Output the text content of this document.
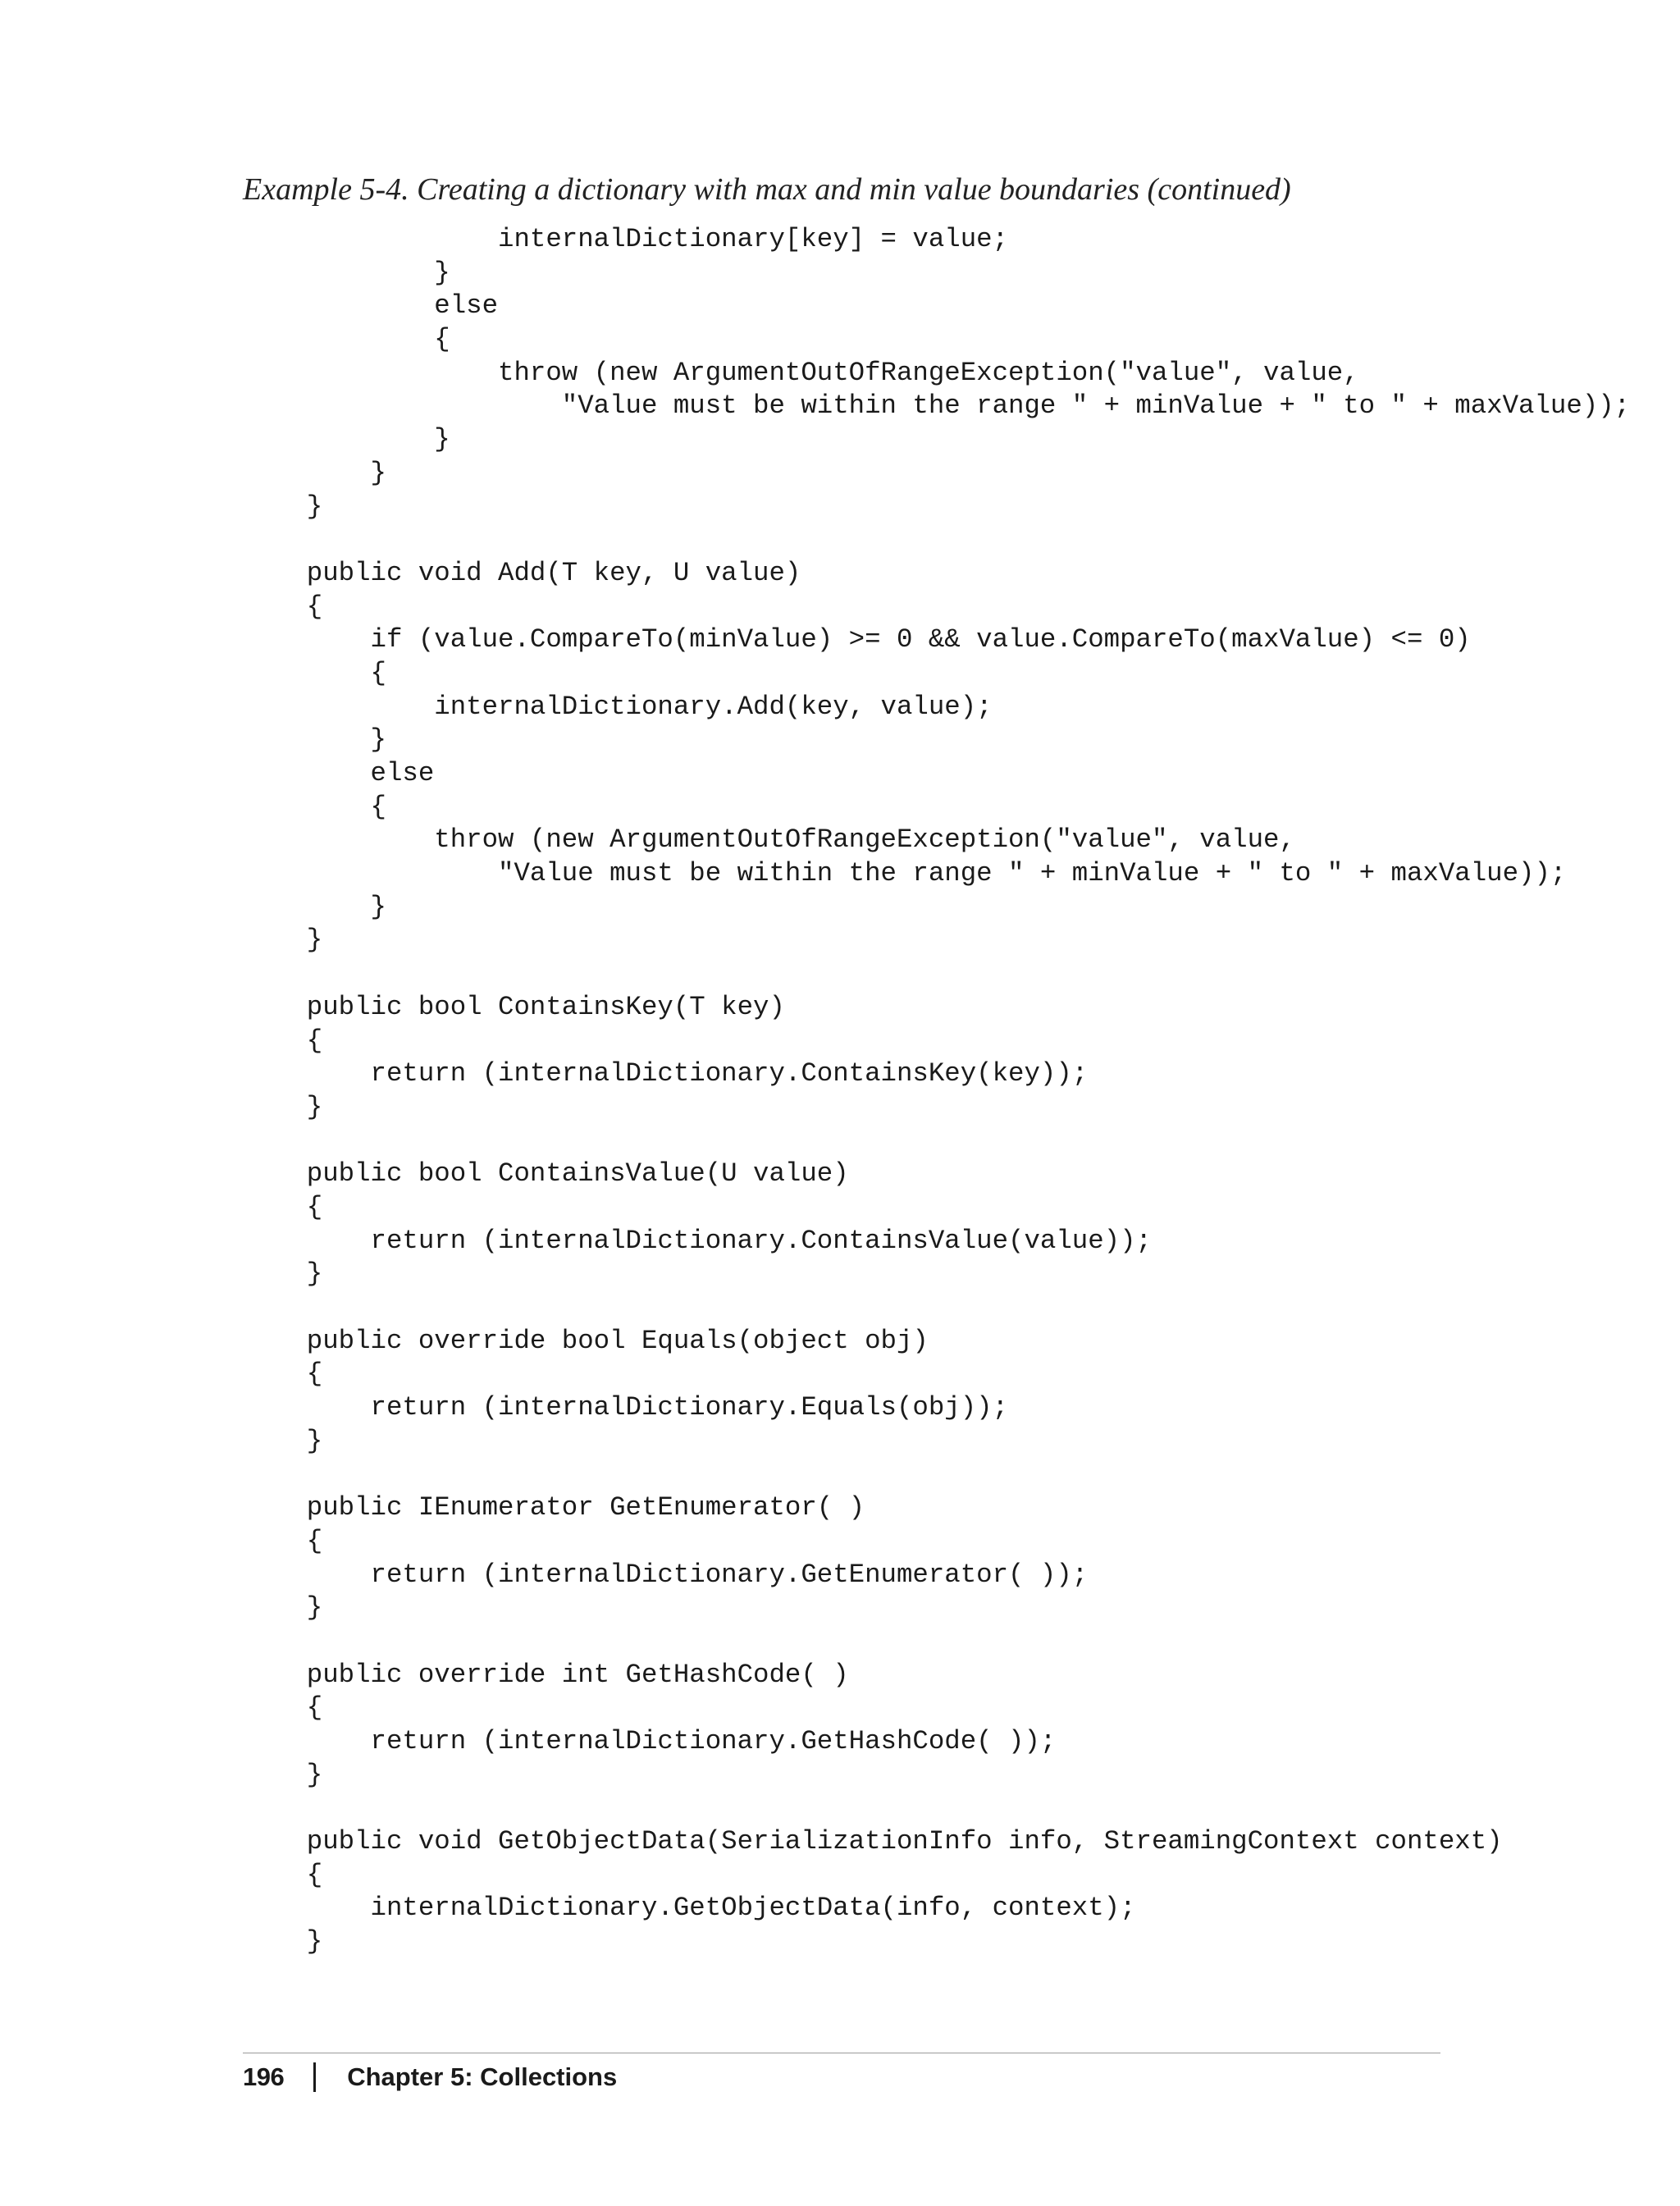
Example 5-4. Creating a dictionary with max and min value boundaries (continued)
internalDictionary[key] = value;
}
else
{
throw (new ArgumentOutOfRangeException("value", value,
"Value must be within the range " + minValue + " to " + maxValue));
}
}
}
public void Add(T key, U value)
{
if (value.CompareTo(minValue) >= 0 && value.CompareTo(maxValue) <= 0)
{
internalDictionary.Add(key, value);
}
else
{
throw (new ArgumentOutOfRangeException("value", value,
"Value must be within the range " + minValue + " to " + maxValue));
}
}
public bool ContainsKey(T key)
{
return (internalDictionary.ContainsKey(key));
}
public bool ContainsValue(U value)
{
return (internalDictionary.ContainsValue(value));
}
public override bool Equals(object obj)
{
return (internalDictionary.Equals(obj));
}
public IEnumerator GetEnumerator( )
{
return (internalDictionary.GetEnumerator( ));
}
public override int GetHashCode( )
{
return (internalDictionary.GetHashCode( ));
}
public void GetObjectData(SerializationInfo info, StreamingContext context)
{
internalDictionary.GetObjectData(info, context);
}
196 Chapter 5: Collections
